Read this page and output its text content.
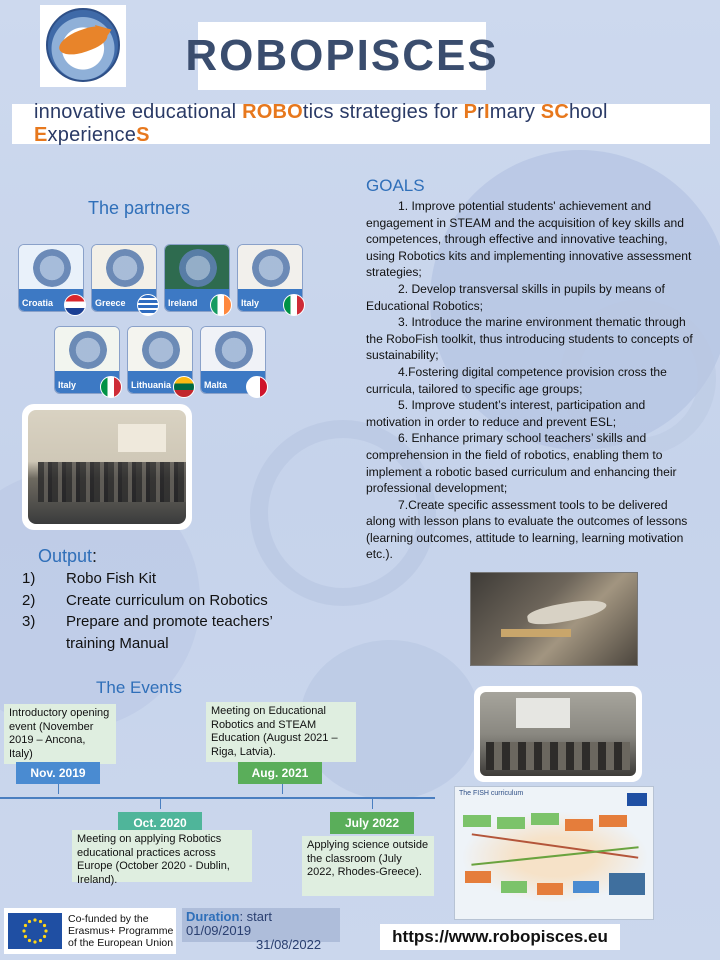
ROBOPISCES
innovative educational ROBOtics strategies for PrImary SChool ExperienceS
The partners
Croatia	Greece	Ireland	Italy
Italy	Lithuania	Malta
Output:
1)	Robo Fish Kit
2)	Create curriculum on Robotics
3)	Prepare and promote teachers’
training Manual
GOALS

1. Improve potential students' achievement and engagement in STEAM and the acquisition of key skills and competences, through effective and innovative teaching, using Robotics kits and implementing innovative assessment strategies;

2. Develop transversal skills in pupils by means of Educational Robotics;

3. Introduce the marine environment thematic through the RoboFish toolkit, thus introducing students to concepts of sustainability;

4.Fostering digital competence provision cross the curricula, tailored to specific age groups;

5. Improve student’s interest, participation and motivation in order to reduce and prevent ESL;

6. Enhance primary school teachers’ skills and comprehension in the field of robotics, enabling them to implement a robotic based curriculum and enhancing their professional development;

7.Create specific assessment tools to be delivered along with lesson plans to evaluate the outcomes of lessons (learning outcomes, attitude to learning, learning motivation etc.).

The FISH curriculum
The Events
Introductory opening event (November 2019 – Ancona, Italy)
Nov. 2019
Meeting on Educational Robotics and STEAM Education (August 2021 – Riga, Latvia).
Aug. 2021
Oct. 2020
Meeting on applying Robotics educational practices across Europe (October 2020 - Dublin, Ireland).
July 2022
Applying science outside the classroom (July 2022, Rhodes-Greece).
Co-funded by the
Erasmus+ Programme
of the European Union
Duration: start 01/09/2019
31/08/2022	https://www.robopisces.eu
